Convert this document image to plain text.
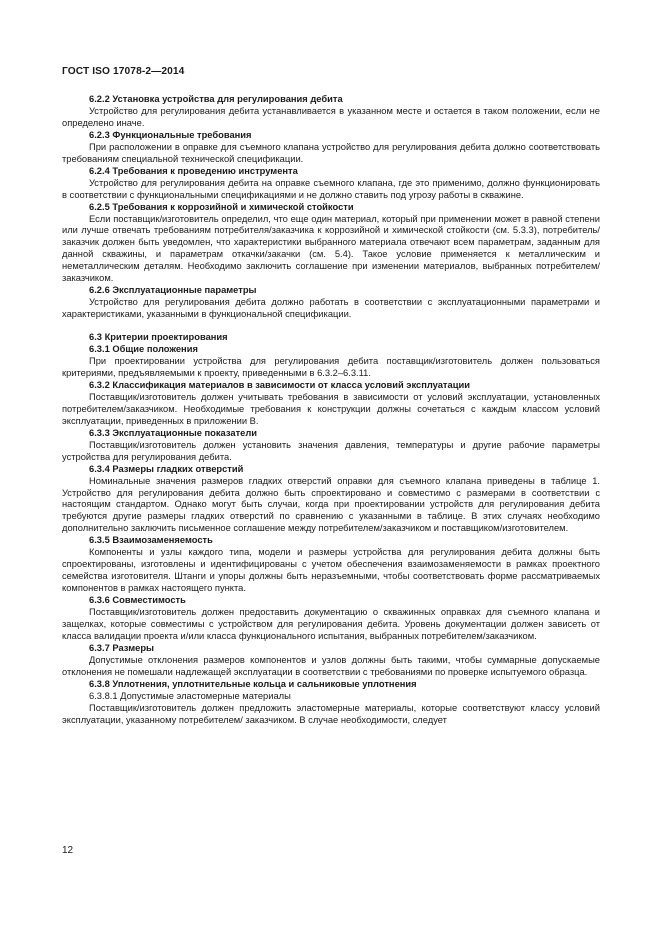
ГОСТ ISO 17078-2—2014

6.2.2 Установка устройства для регулирования дебита

Устройство для регулирования дебита устанавливается в указанном месте и остается в таком положении, если не определено иначе.

6.2.3 Функциональные требования

При расположении в оправке для съемного клапана устройство для регулирования дебита должно соответствовать требованиям специальной технической спецификации.

6.2.4 Требования к проведению инструмента

Устройство для регулирования дебита на оправке съемного клапана, где это применимо, должно функционировать в соответствии с функциональными спецификациями и не должно ставить под угрозу работы в скважине.

6.2.5 Требования к коррозийной и химической стойкости

Если поставщик/изготовитель определил, что еще один материал, который при применении может в равной степени или лучше отвечать требованиям потребителя/заказчика к коррозийной и химической стойкости (см. 5.3.3), потребитель/заказчик должен быть уведомлен, что характеристики выбранного материала отвечают всем параметрам, заданным для данной скважины, и параметрам откачки/закачки (см. 5.4). Такое условие применяется к металлическим и неметаллическим деталям. Необходимо заключить соглашение при изменении материалов, выбранных потребителем/заказчиком.

6.2.6 Эксплуатационные параметры

Устройство для регулирования дебита должно работать в соответствии с эксплуатационными параметрами и характеристиками, указанными в функциональной спецификации.

6.3 Критерии проектирования

6.3.1 Общие положения

При проектировании устройства для регулирования дебита поставщик/изготовитель должен пользоваться критериями, предъявляемыми к проекту, приведенными в 6.3.2–6.3.11.

6.3.2 Классификация материалов в зависимости от класса условий эксплуатации

Поставщик/изготовитель должен учитывать требования в зависимости от условий эксплуатации, установленных потребителем/заказчиком. Необходимые требования к конструкции должны сочетаться с каждым классом условий эксплуатации, приведенных в приложении В.

6.3.3 Эксплуатационные показатели

Поставщик/изготовитель должен установить значения давления, температуры и другие рабочие параметры устройства для регулирования дебита.

6.3.4 Размеры гладких отверстий

Номинальные значения размеров гладких отверстий оправки для съемного клапана приведены в таблице 1. Устройство для регулирования дебита должно быть спроектировано и совместимо с размерами в соответствии с настоящим стандартом. Однако могут быть случаи, когда при проектировании устройств для регулирования дебита требуются другие размеры гладких отверстий по сравнению с указанными в таблице. В этих случаях необходимо дополнительно заключить письменное соглашение между потребителем/заказчиком и поставщиком/изготовителем.

6.3.5 Взаимозаменяемость

Компоненты и узлы каждого типа, модели и размеры устройства для регулирования дебита должны быть спроектированы, изготовлены и идентифицированы с учетом обеспечения взаимозаменяемости в рамках проектного семейства изготовителя. Штанги и упоры должны быть неразъемными, чтобы соответствовать форме рассматриваемых компонентов в рамках настоящего пункта.

6.3.6 Совместимость

Поставщик/изготовитель должен предоставить документацию о скважинных оправках для съемного клапана и защелках, которые совместимы с устройством для регулирования дебита. Уровень документации должен зависеть от класса валидации проекта и/или класса функционального испытания, выбранных потребителем/заказчиком.

6.3.7 Размеры

Допустимые отклонения размеров компонентов и узлов должны быть такими, чтобы суммарные допускаемые отклонения не помешали надлежащей эксплуатации в соответствии с требованиями по проверке испытуемого образца.

6.3.8 Уплотнения, уплотнительные кольца и сальниковые уплотнения

6.3.8.1 Допустимые эластомерные материалы

Поставщик/изготовитель должен предложить эластомерные материалы, которые соответствуют классу условий эксплуатации, указанному потребителем/ заказчиком. В случае необходимости, следует

12
